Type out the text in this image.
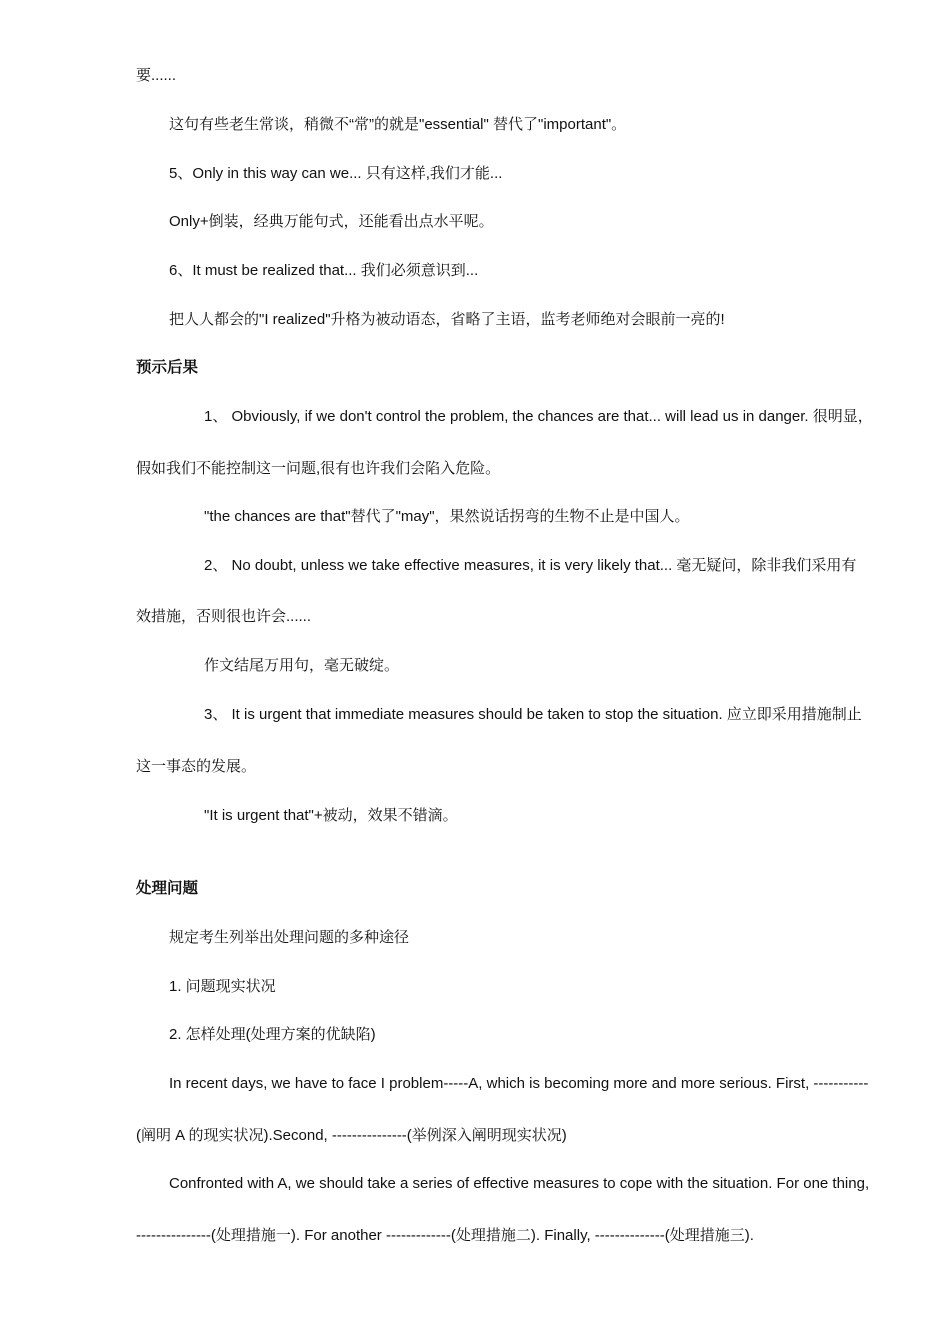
要......
这句有些老生常谈，稍微不“常”的就是"essential" 替代了"important"。
5、Only in this way can we... 只有这样,我们才能...
Only+倒装，经典万能句式，还能看出点水平呢。
6、It must be realized that... 我们必须意识到...
把人人都会的"I realized"升格为被动语态，省略了主语，监考老师绝对会眼前一亮的!
预示后果
1、 Obviously, if we don't control the problem, the chances are that... will lead us in danger. 很明显，
假如我们不能控制这一问题,很有也许我们会陷入危险。
"the chances are that"替代了"may"，果然说话拐弯的生物不止是中国人。
2、 No doubt, unless we take effective measures, it is very likely that... 毫无疑问，除非我们采用有
效措施，否则很也许会......
作文结尾万用句，毫无破绽。
3、 It is urgent that immediate measures should be taken to stop the situation. 应立即采用措施制止
这一事态的发展。
"It is urgent that"+被动，效果不错滴。
处理问题
规定考生列举出处理问题的多种途径
1. 问题现实状况
2. 怎样处理(处理方案的优缺陷)
In recent days, we have to face I problem-----A, which is becoming more and more serious. First, -----------
(阐明 A 的现实状况).Second, ---------------(举例深入阐明现实状况)
Confronted with A, we should take a series of effective measures to cope with the situation. For one thing,
---------------(处理措施一). For another -------------(处理措施二). Finally, --------------(处理措施三).
